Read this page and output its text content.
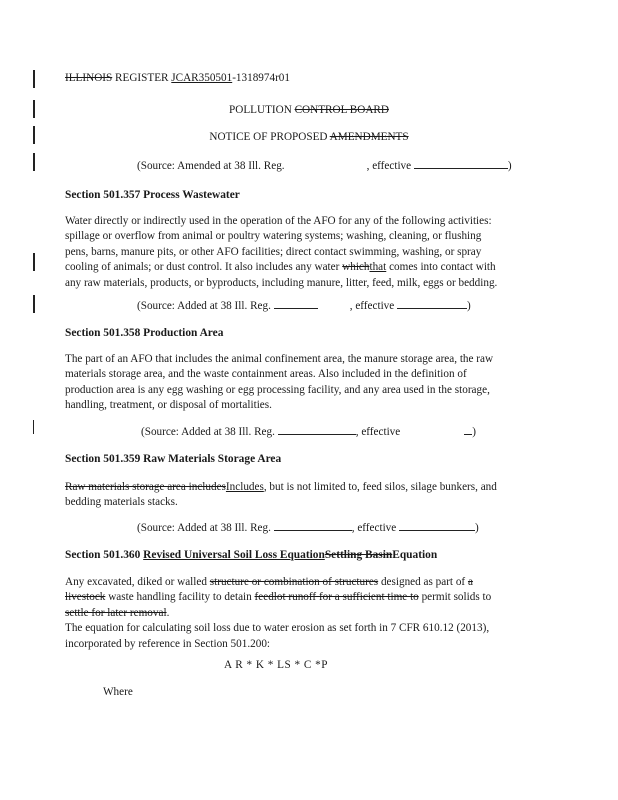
ILLINOIS REGISTER JCAR350501-1318974r01
POLLUTION CONTROL BOARD
NOTICE OF PROPOSED AMENDMENTS
(Source: Amended at 38 Ill. Reg.	, effective	)
Section 501.357 Process Wastewater
Water directly or indirectly used in the operation of the AFO for any of the following activities:
spillage or overflow from animal or poultry watering systems; washing, cleaning, or flushing
pens, barns, manure pits, or other AFO facilities; direct contact swimming, washing, or spray
cooling of animals; or dust control. It also includes any water whichthat comes into contact with
any raw materials, products, or byproducts, including manure, litter, feed, milk, eggs or bedding.
(Source: Added at 38 Ill. Reg.	, effective	)
Section 501.358 Production Area
The part of an AFO that includes the animal confinement area, the manure storage area, the raw
materials storage area, and the waste containment areas. Also included in the definition of
production area is any egg washing or egg processing facility, and any area used in the storage,
handling, treatment, or disposal of mortalities.
(Source: Added at 38 Ill. Reg.	, effective	)
Section 501.359 Raw Materials Storage Area
Raw materials storage area includesIncludes, but is not limited to, feed silos, silage bunkers, and
bedding materials stacks.
(Source: Added at 38 Ill. Reg.	, effective	)
Section 501.360 Revised Universal Soil Loss EquationSettling BasinEquation
Any excavated, diked or walled structure or combination of structures designed as part of a
livestock waste handling facility to detain feedlot runoff for a sufficient time to permit solids to
settle for later removal.
The equation for calculating soil loss due to water erosion as set forth in 7 CFR 610.12 (2013),
incorporated by reference in Section 501.200:
A R * K * LS * C *P
Where
